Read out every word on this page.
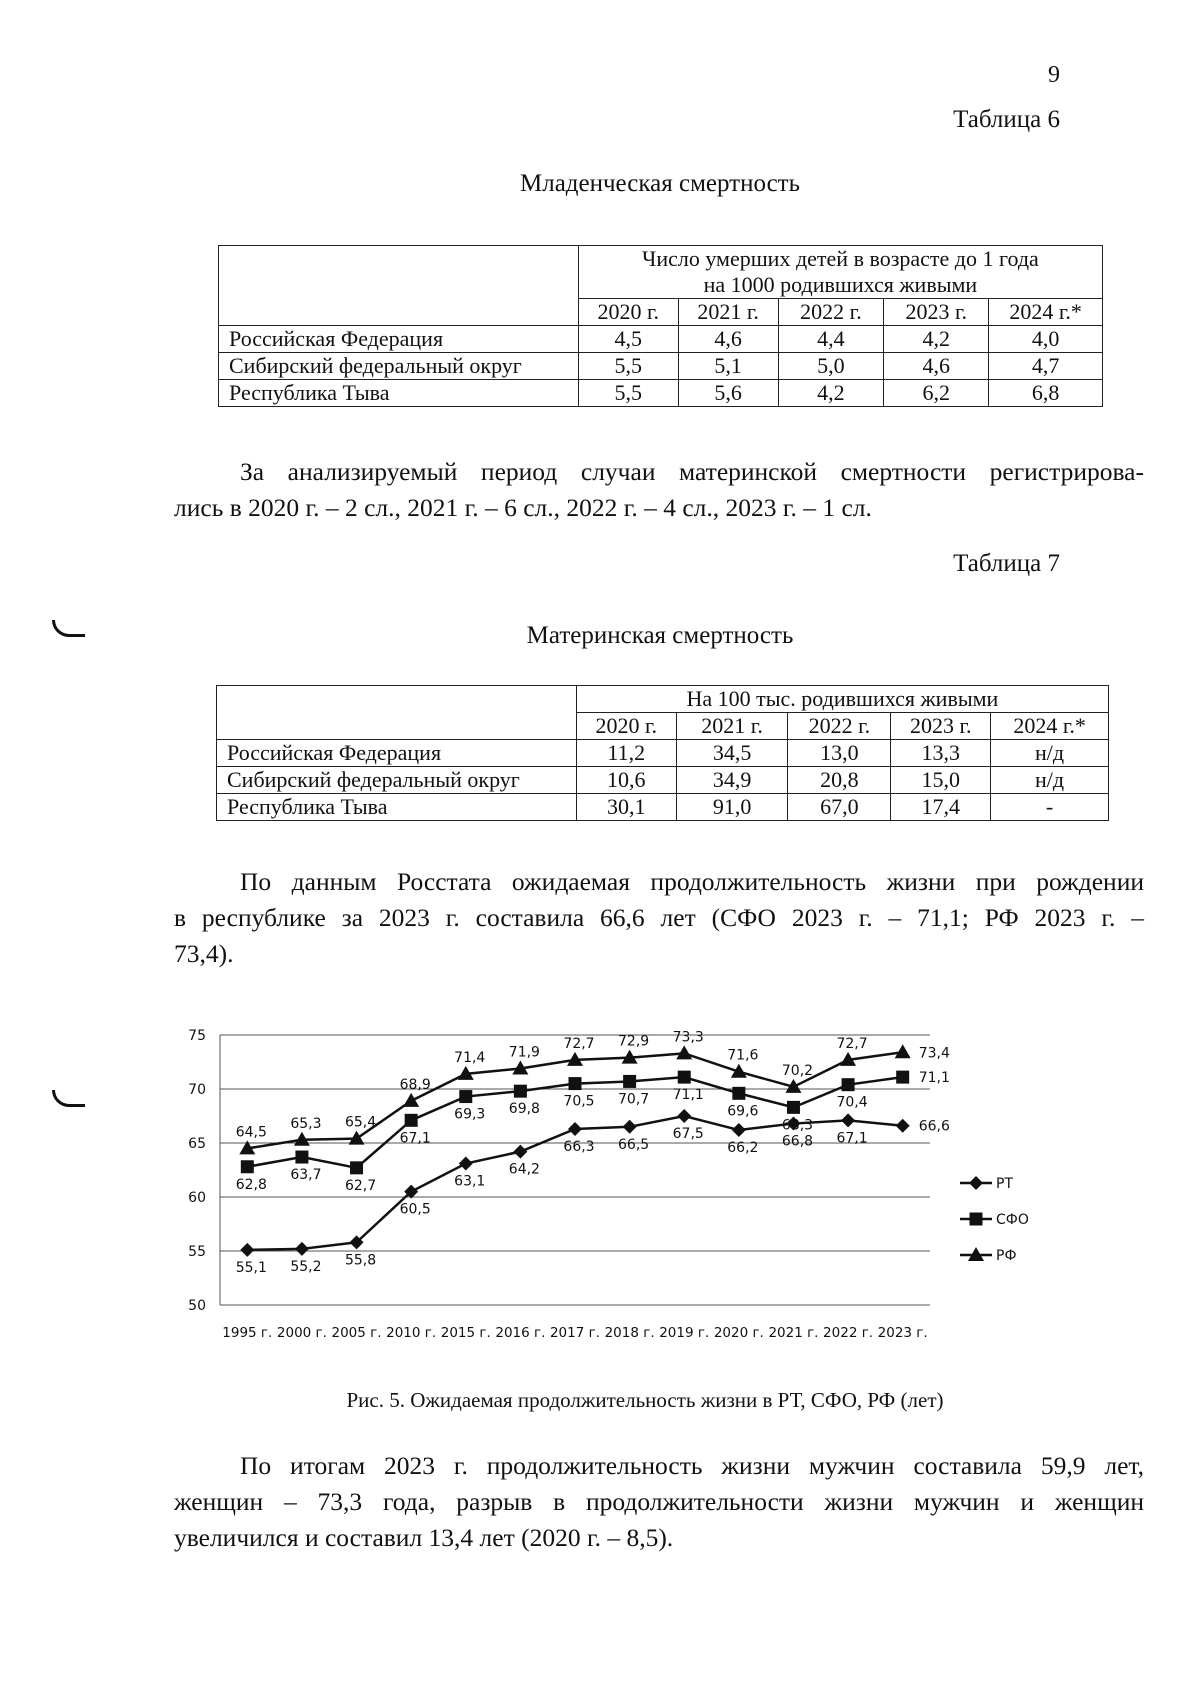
9
Таблица 6
Младенческая смертность

	Число умерших детей в возрасте до 1 года
на 1000 родившихся живыми				

	2020 г.	2021 г.	2022 г.	2023 г.	2024 г.*
Российская Федерация	4,5	4,6	4,4	4,2	4,0
Сибирский федеральный округ	5,5	5,1	5,0	4,6	4,7
Республика Тыва	5,5	5,6	4,2	6,2	6,8

За анализируемый период случаи материнской смертности регистрирова-
лись в 2020 г. – 2 сл., 2021 г. – 6 сл., 2022 г. – 4 сл., 2023 г. – 1 сл.

Таблица 7
Материнская смертность
	На 100 тыс. родившихся живыми				
	2020 г.	2021 г.	2022 г.	2023 г.	2024 г.*
Российская Федерация	11,2	34,5	13,0	13,3	н/д
Сибирский федеральный округ	10,6	34,9	20,8	15,0	н/д
Республика Тыва	30,1	91,0	67,0	17,4	-

По данным Росстата ожидаемая продолжительность жизни при рождении
в республике за 2023 г. составила 66,6 лет (СФО 2023 г. – 71,1; РФ 2023 г. –
73,4).

50
55
60
65
70
75
1995 г. 2000 г. 2005 г. 2010 г. 2015 г. 2016 г. 2017 г. 2018 г. 2019 г. 2020 г. 2021 г. 2022 г. 2023 г.
55,1 55,2 55,8
60,5
63,1
64,2
66,3 66,5
67,5
66,2 66,8 67,1
66,6
62,8
63,7
62,7
67,1
69,3 69,8 70,5 70,7 71,1
69,6
68,3
70,4
71,1
64,5
65,3 65,4
68,9
71,4 71,9
72,7 72,9 73,3
71,6
70,2
72,7
73,4
РТ
СФО
РФ
Рис. 5. Ожидаемая продолжительность жизни в РТ, СФО, РФ (лет)

По итогам 2023 г. продолжительность жизни мужчин составила 59,9 лет,
женщин – 73,3 года, разрыв в продолжительности жизни мужчин и женщин
увеличился и составил 13,4 лет (2020 г. – 8,5).
